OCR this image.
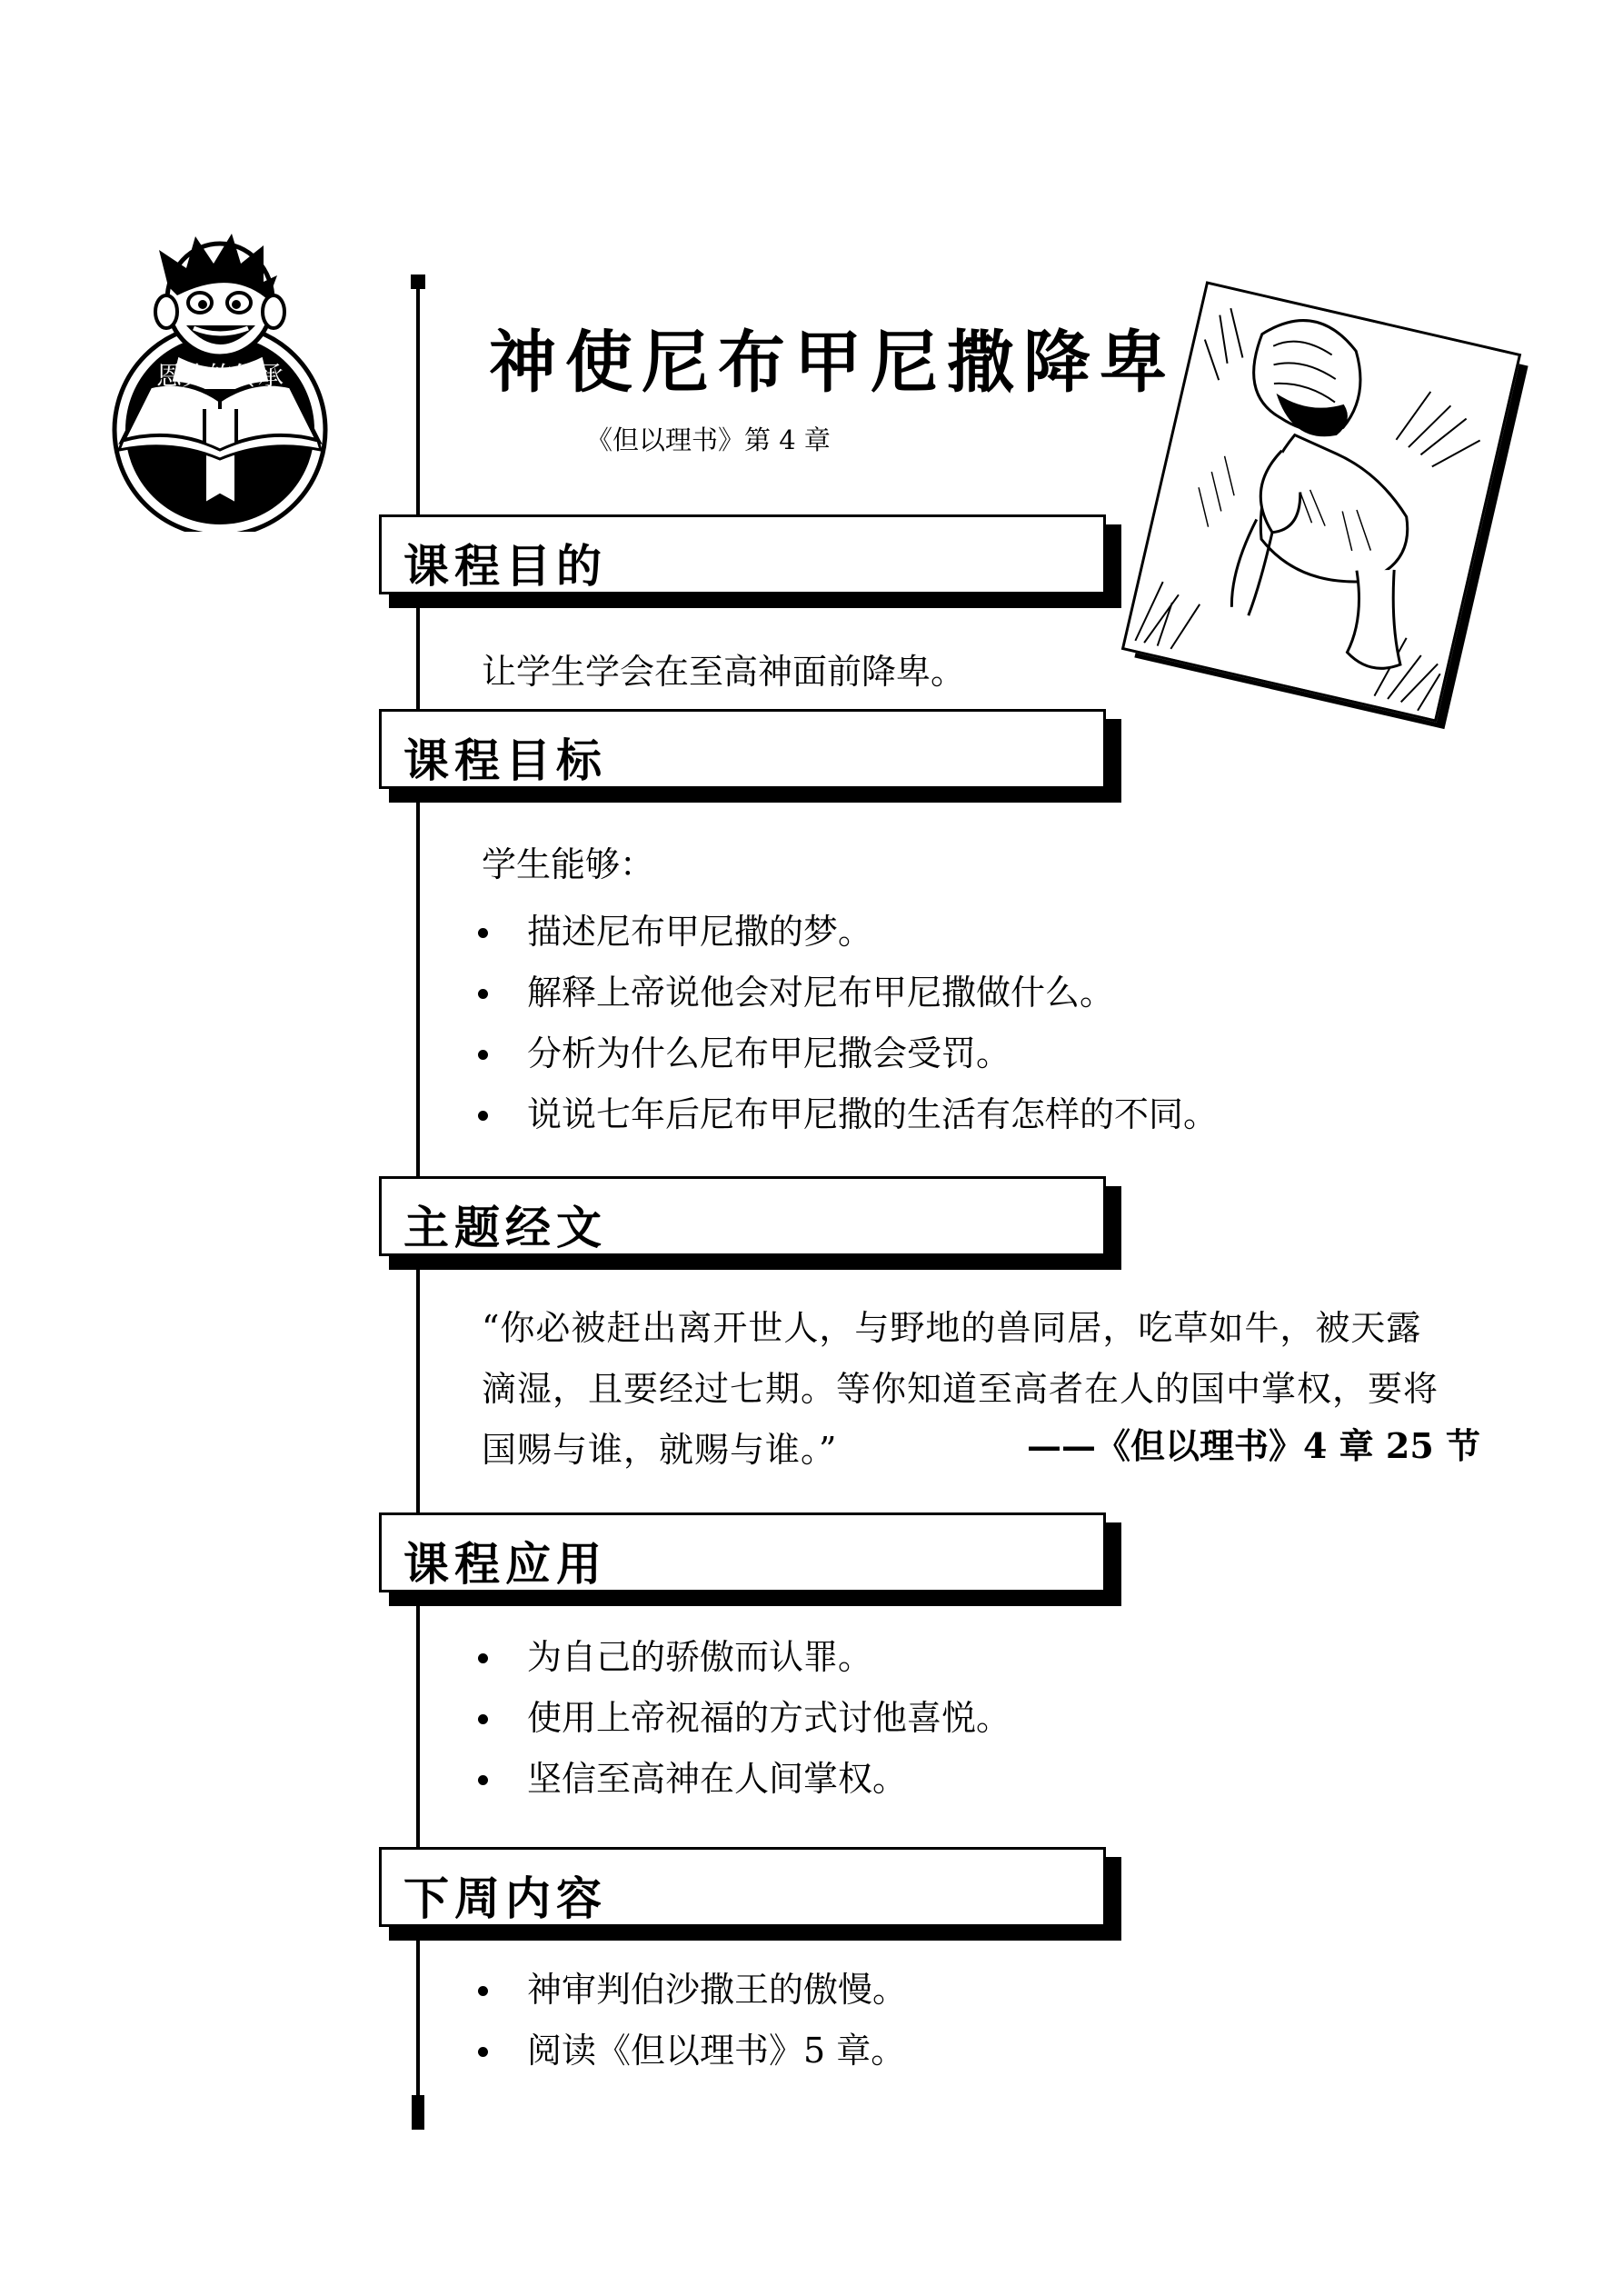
恩典的传承	神使尼布甲尼撒降卑
《但以理书》第 4 章
课程目的
让学生学会在至高神面前降卑。
课程目标
学生能够：
描述尼布甲尼撒的梦。
解释上帝说他会对尼布甲尼撒做什么。
分析为什么尼布甲尼撒会受罚。
说说七年后尼布甲尼撒的生活有怎样的不同。
主题经文
“你必被赶出离开世人，与野地的兽同居，吃草如牛，被天露
滴湿，且要经过七期。等你知道至高者在人的国中掌权，要将
国赐与谁，就赐与谁。”	——《但以理书》4 章 25 节
课程应用
为自己的骄傲而认罪。
使用上帝祝福的方式讨他喜悦。
坚信至高神在人间掌权。
下周内容
神审判伯沙撒王的傲慢。
阅读《但以理书》5 章。
